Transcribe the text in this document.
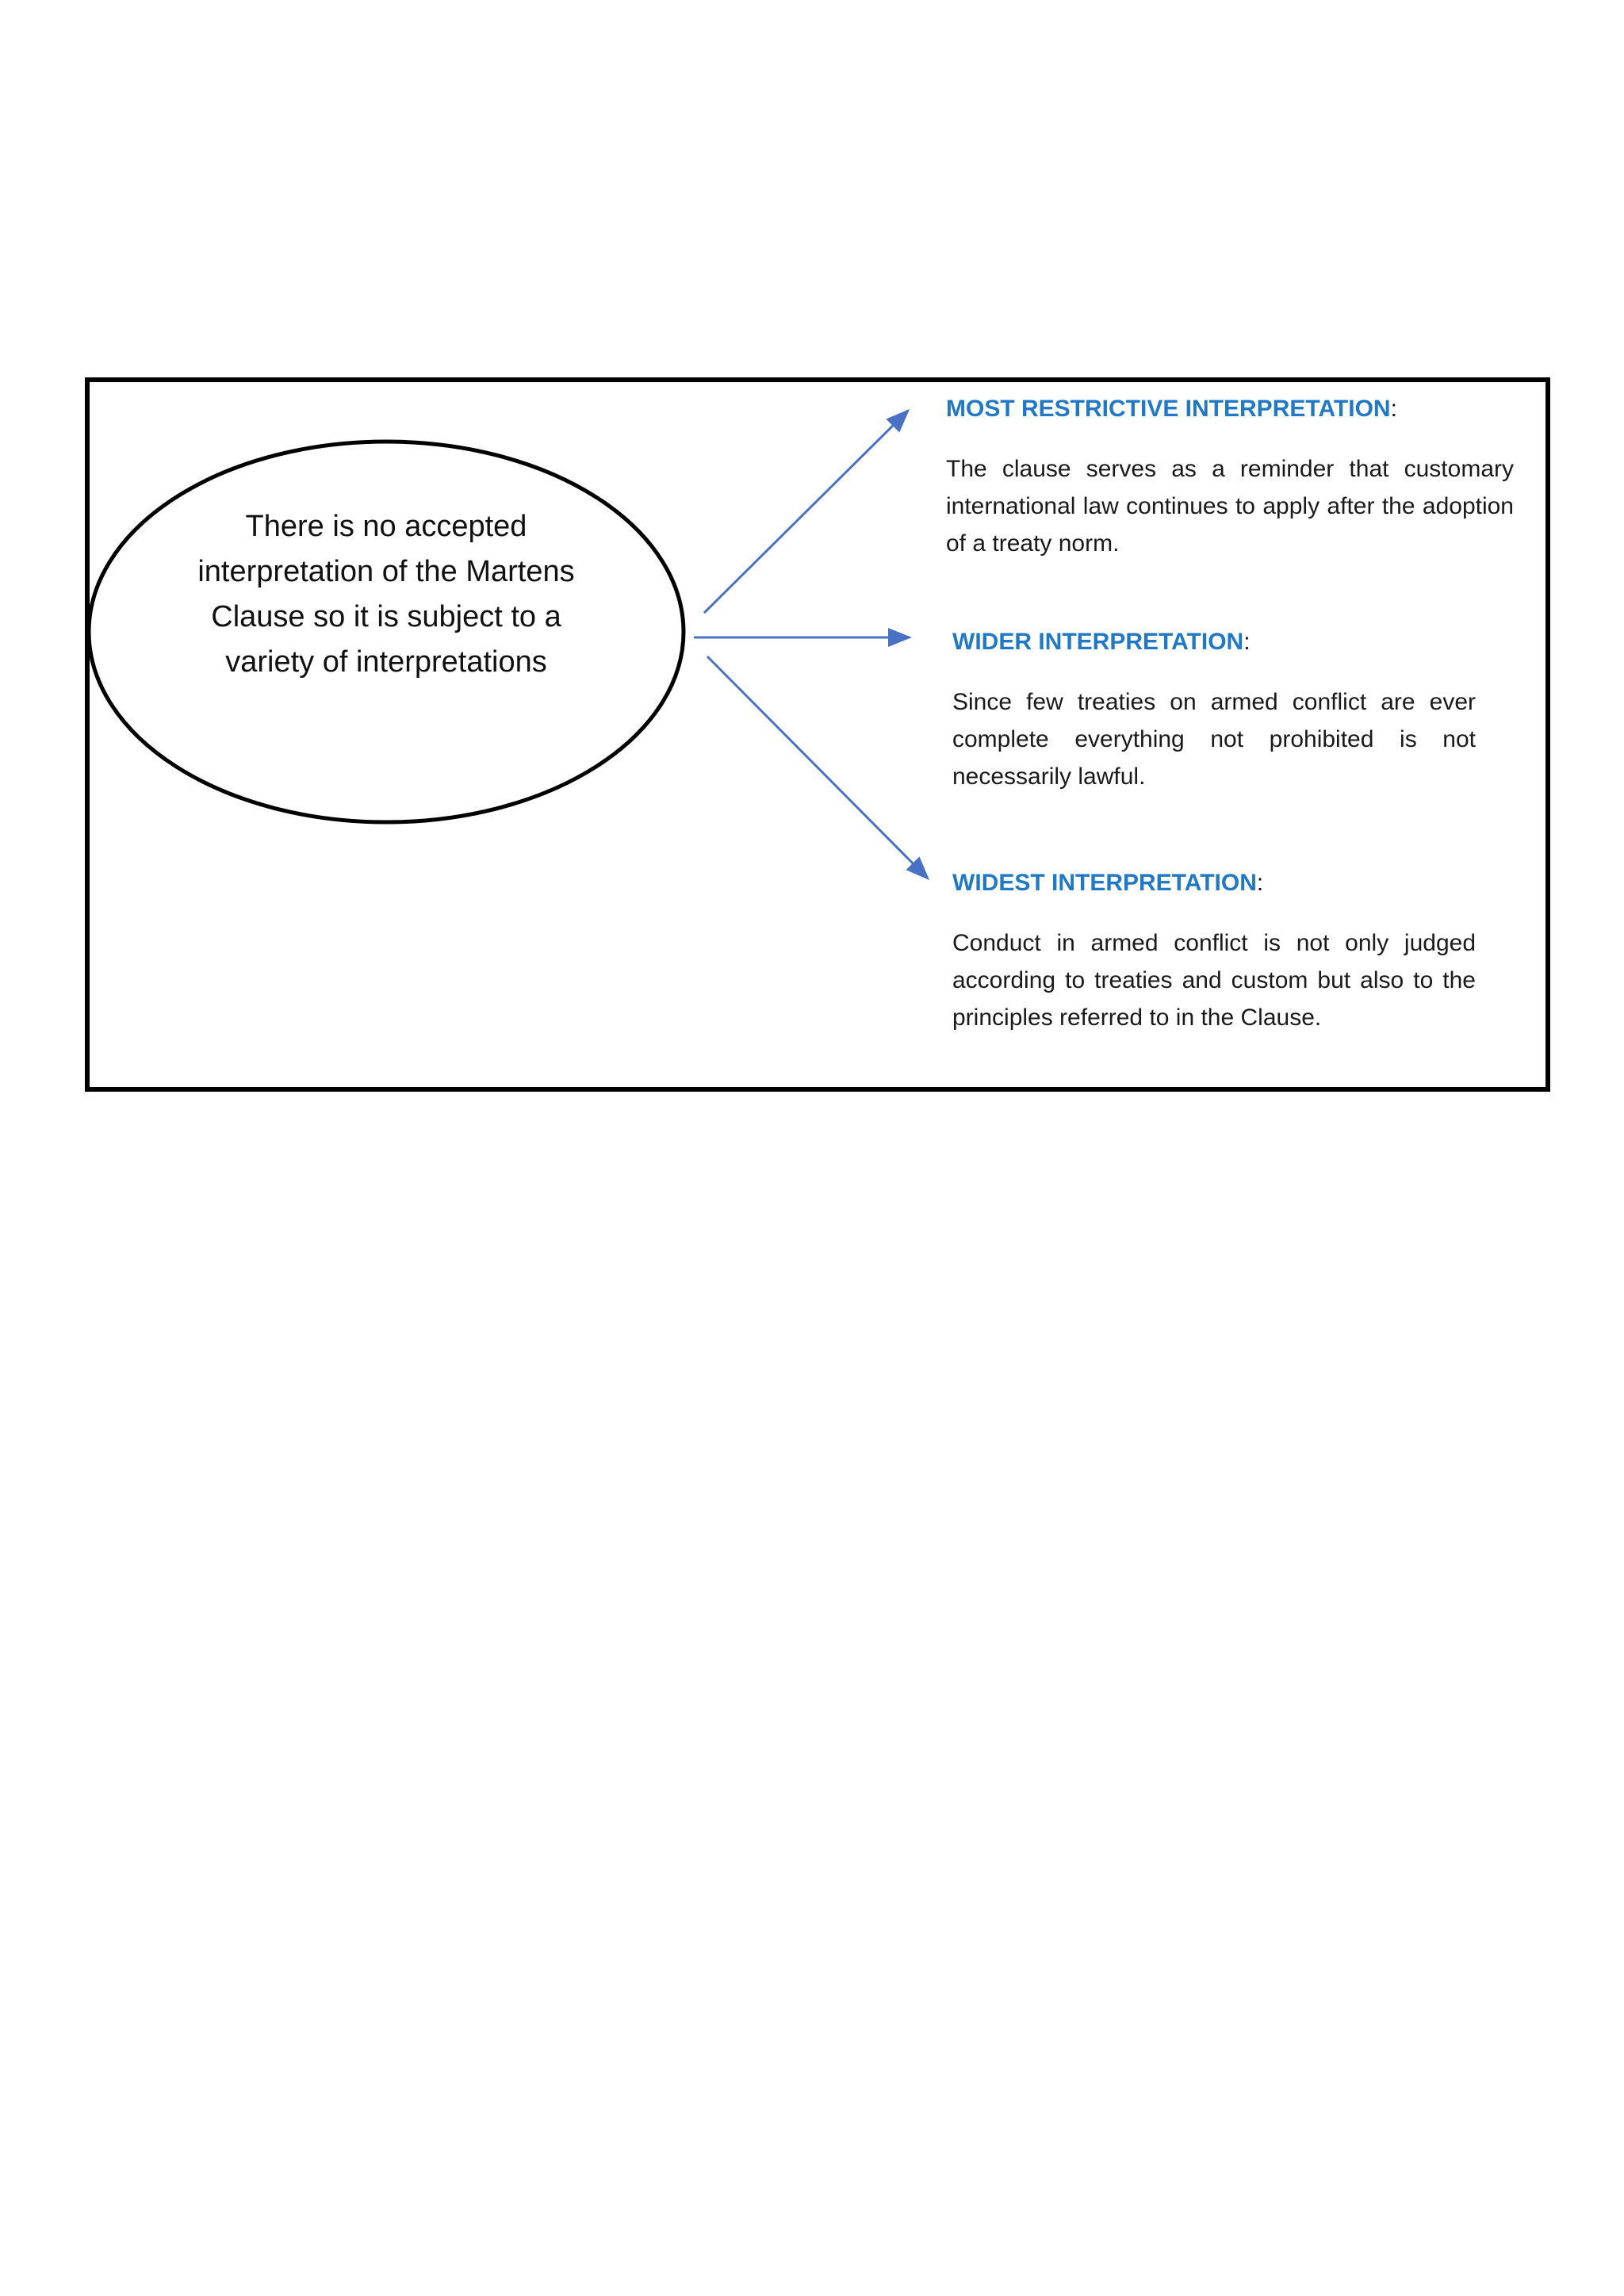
There is no accepted interpretation of the Martens Clause so it is subject to a variety of interpretations
MOST RESTRICTIVE INTERPRETATION:
The clause serves as a reminder that customary international law continues to apply after the adoption of a treaty norm.
WIDER INTERPRETATION:
Since few treaties on armed conflict are ever complete everything not prohibited is not necessarily lawful.
WIDEST INTERPRETATION:
Conduct in armed conflict is not only judged according to treaties and custom but also to the principles referred to in the Clause.
